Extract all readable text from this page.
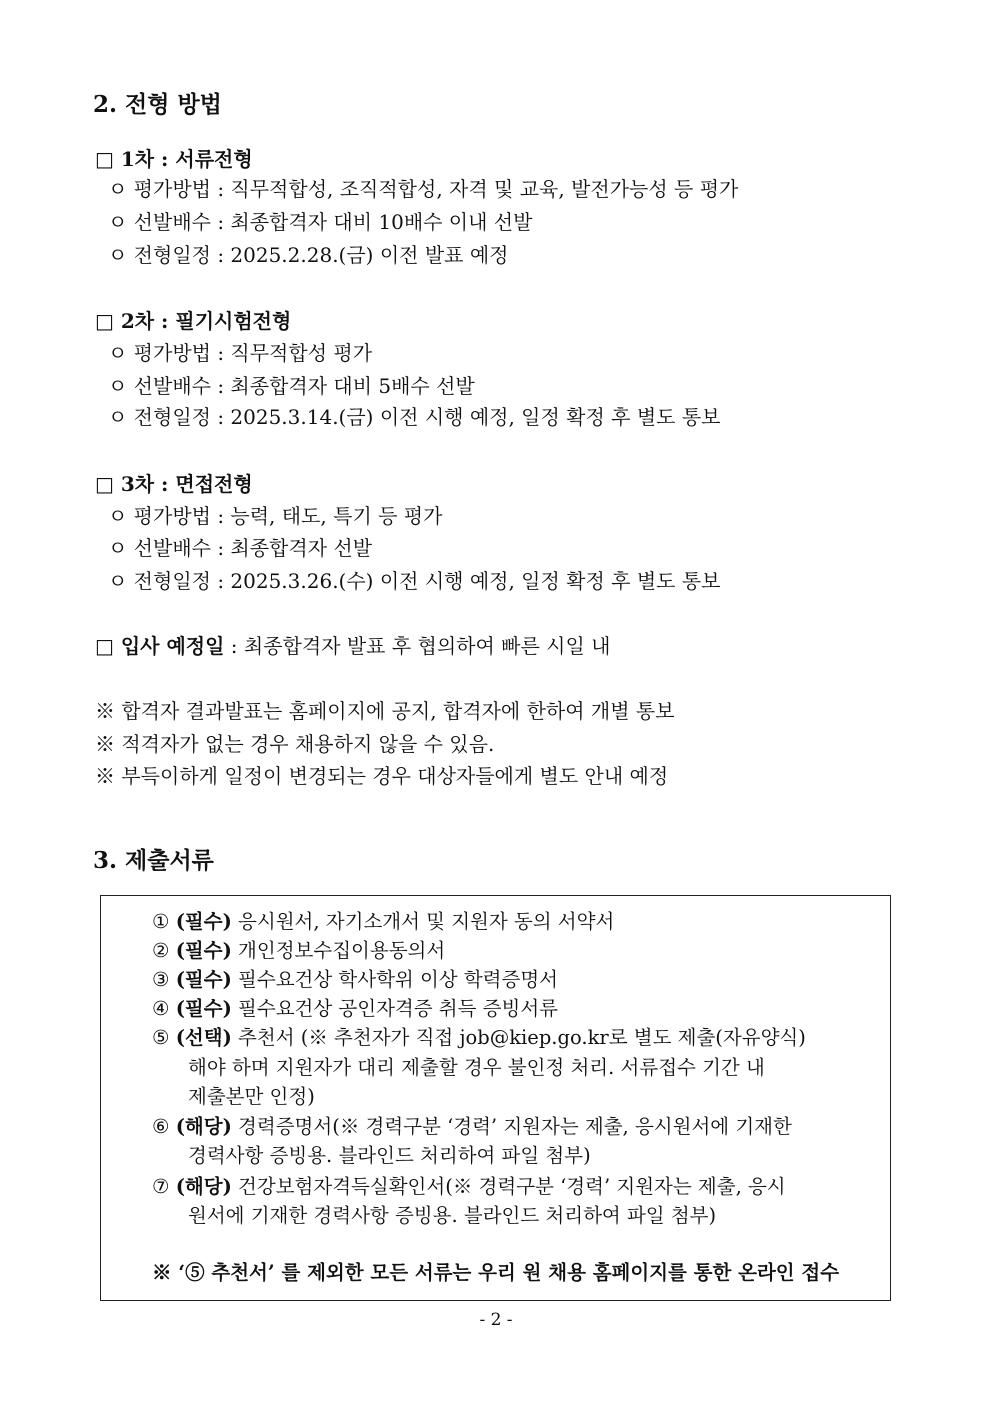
2. 전형 방법
□ 1차 : 서류전형
ㅇ 평가방법 : 직무적합성, 조직적합성, 자격 및 교육, 발전가능성 등 평가
ㅇ 선발배수 : 최종합격자 대비 10배수 이내 선발
ㅇ 전형일정 : 2025.2.28.(금) 이전 발표 예정
□ 2차 : 필기시험전형
ㅇ 평가방법 : 직무적합성 평가
ㅇ 선발배수 : 최종합격자 대비 5배수 선발
ㅇ 전형일정 : 2025.3.14.(금) 이전 시행 예정, 일정 확정 후 별도 통보
□ 3차 : 면접전형
ㅇ 평가방법 : 능력, 태도, 특기 등 평가
ㅇ 선발배수 : 최종합격자 선발
ㅇ 전형일정 : 2025.3.26.(수) 이전 시행 예정, 일정 확정 후 별도 통보
□ 입사 예정일 : 최종합격자 발표 후 협의하여 빠른 시일 내
※ 합격자 결과발표는 홈페이지에 공지, 합격자에 한하여 개별 통보
※ 적격자가 없는 경우 채용하지 않을 수 있음.
※ 부득이하게 일정이 변경되는 경우 대상자들에게 별도 안내 예정
3. 제출서류
① (필수) 응시원서, 자기소개서 및 지원자 동의 서약서
② (필수) 개인정보수집이용동의서
③ (필수) 필수요건상 학사학위 이상 학력증명서
④ (필수) 필수요건상 공인자격증 취득 증빙서류
⑤ (선택) 추천서 (※ 추천자가 직접 job@kiep.go.kr로 별도 제출(자유양식)
해야 하며 지원자가 대리 제출할 경우 불인정 처리. 서류접수 기간 내
제출본만 인정)
⑥ (해당) 경력증명서(※ 경력구분 ‘경력’ 지원자는 제출, 응시원서에 기재한
경력사항 증빙용. 블라인드 처리하여 파일 첨부)
⑦ (해당) 건강보험자격득실확인서(※ 경력구분 ‘경력’ 지원자는 제출, 응시
원서에 기재한 경력사항 증빙용. 블라인드 처리하여 파일 첨부)
※ ‘⑤ 추천서’ 를 제외한 모든 서류는 우리 원 채용 홈페이지를 통한 온라인 접수
- 2 -
